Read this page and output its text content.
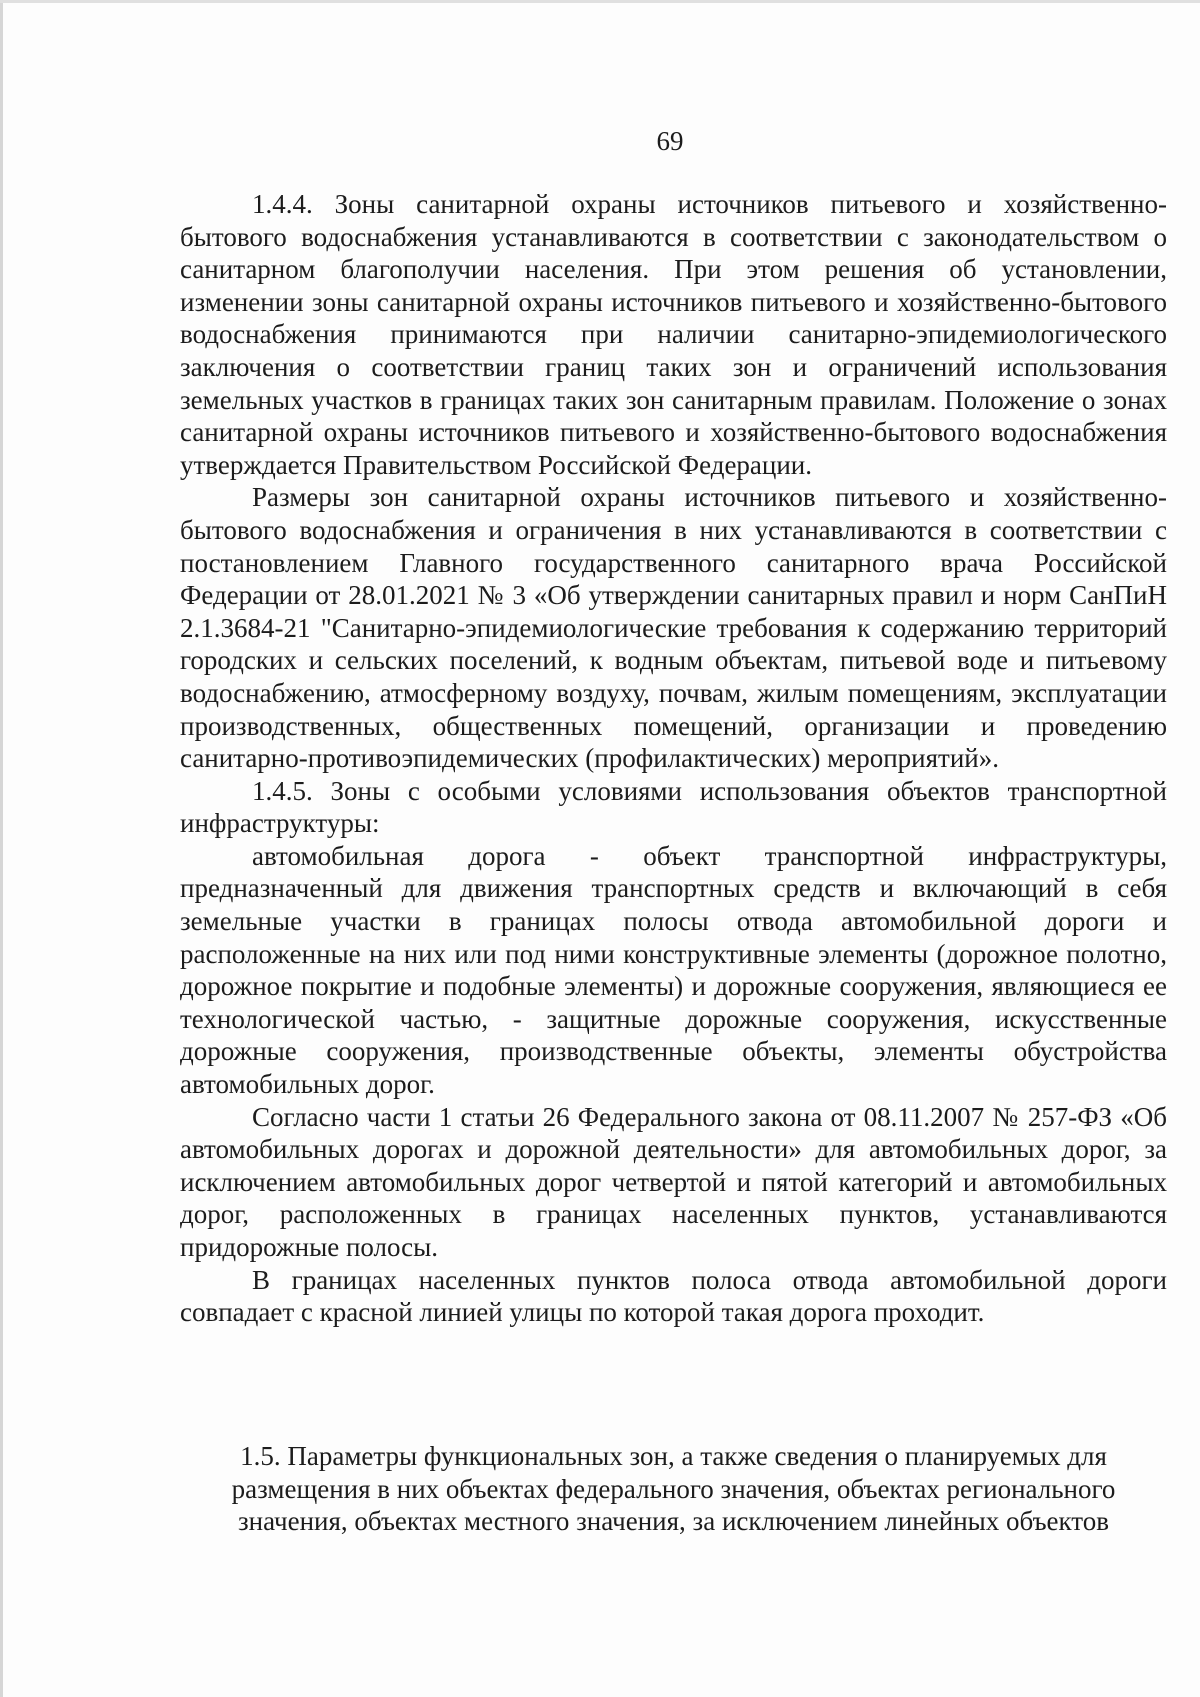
69

1.4.4. Зоны санитарной охраны источников питьевого и хозяйственно-бытового водоснабжения устанавливаются в соответствии с законодательством о санитарном благополучии населения. При этом решения об установлении, изменении зоны санитарной охраны источников питьевого и хозяйственно-бытового водоснабжения принимаются при наличии санитарно-эпидемиологического заключения о соответствии границ таких зон и ограничений использования земельных участков в границах таких зон санитарным правилам. Положение о зонах санитарной охраны источников питьевого и хозяйственно-бытового водоснабжения утверждается Правительством Российской Федерации.

Размеры зон санитарной охраны источников питьевого и хозяйственно-бытового водоснабжения и ограничения в них устанавливаются в соответствии с постановлением Главного государственного санитарного врача Российской Федерации от 28.01.2021 № 3 «Об утверждении санитарных правил и норм СанПиН 2.1.3684-21 "Санитарно-эпидемиологические требования к содержанию территорий городских и сельских поселений, к водным объектам, питьевой воде и питьевому водоснабжению, атмосферному воздуху, почвам, жилым помещениям, эксплуатации производственных, общественных помещений, организации и проведению санитарно-противоэпидемических (профилактических) мероприятий».

1.4.5. Зоны с особыми условиями использования объектов транспортной инфраструктуры:

автомобильная дорога - объект транспортной инфраструктуры, предназначенный для движения транспортных средств и включающий в себя земельные участки в границах полосы отвода автомобильной дороги и расположенные на них или под ними конструктивные элементы (дорожное полотно, дорожное покрытие и подобные элементы) и дорожные сооружения, являющиеся ее технологической частью, - защитные дорожные сооружения, искусственные дорожные сооружения, производственные объекты, элементы обустройства автомобильных дорог.

Согласно части 1 статьи 26 Федерального закона от 08.11.2007 № 257-ФЗ «Об автомобильных дорогах и дорожной деятельности» для автомобильных дорог, за исключением автомобильных дорог четвертой и пятой категорий и автомобильных дорог, расположенных в границах населенных пунктов, устанавливаются придорожные полосы.

В границах населенных пунктов полоса отвода автомобильной дороги совпадает с красной линией улицы по которой такая дорога проходит.

1.5. Параметры функциональных зон, а также сведения о планируемых для размещения в них объектах федерального значения, объектах регионального значения, объектах местного значения, за исключением линейных объектов
